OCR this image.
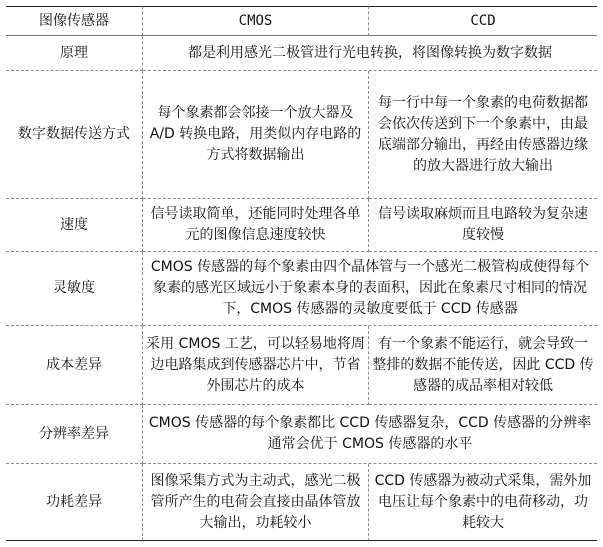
图像传感器	CMOS	CCD
原理	都是利用感光二极管进行光电转换，将图像转换为数字数据	
数字数据传送方式	每个象素都会邻接一个放大器及 A/D 转换电路，用类似内存电路的方式将数据输出	每一行中每一个象素的电荷数据都会依次传送到下一个象素中，由最底端部分输出，再经由传感器边缘的放大器进行放大输出
速度	信号读取简单，还能同时处理各单元的图像信息速度较快	信号读取麻烦而且电路较为复杂速度较慢
灵敏度	CMOS 传感器的每个象素由四个晶体管与一个感光二极管构成使得每个象素的感光区域远小于象素本身的表面积，因此在象素尺寸相同的情况下，CMOS 传感器的灵敏度要低于 CCD 传感器	
成本差异	采用 CMOS 工艺，可以轻易地将周边电路集成到传感器芯片中，节省外围芯片的成本	有一个象素不能运行，就会导致一整排的数据不能传送，因此 CCD 传感器的成品率相对较低
分辨率差异	CMOS 传感器的每个象素都比 CCD 传感器复杂，CCD 传感器的分辨率通常会优于 CMOS 传感器的水平	
功耗差异	图像采集方式为主动式，感光二极管所产生的电荷会直接由晶体管放大输出，功耗较小	CCD 传感器为被动式采集，需外加电压让每个象素中的电荷移动，功耗较大
